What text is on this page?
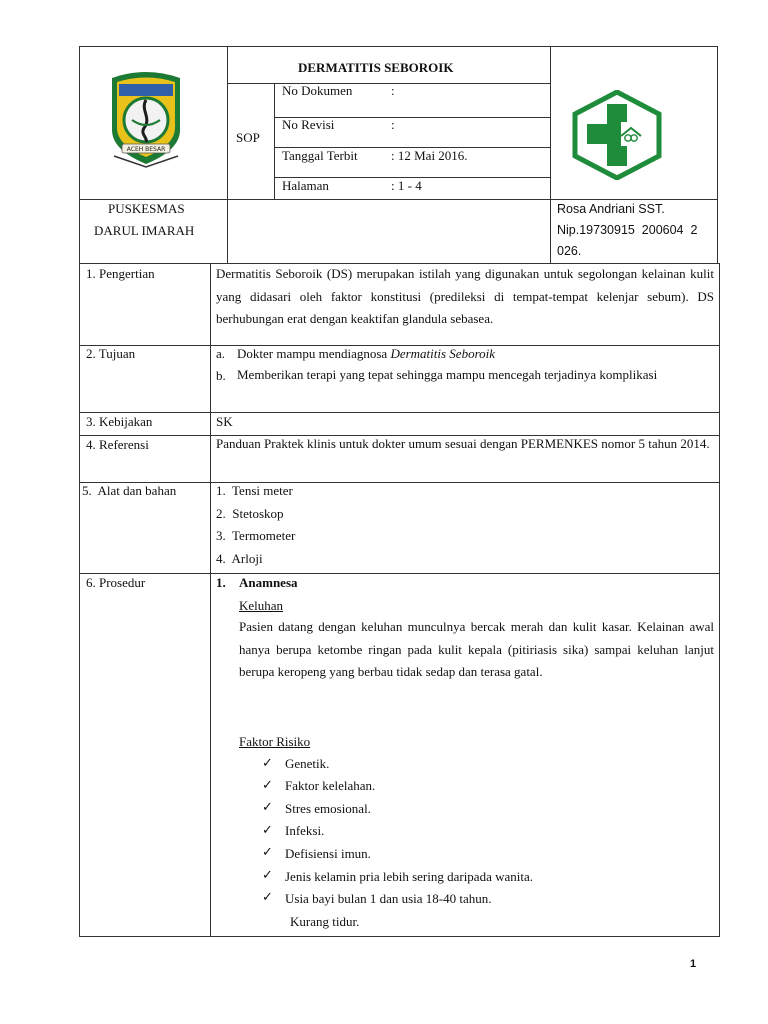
DERMATITIS SEBOROIK
SOP
No Dokumen	:
No Revisi	:
Tanggal Terbit	: 12 Mai 2016.
Halaman	: 1 - 4
PUSKESMAS
DARUL IMARAH
Rosa Andriani SST.
Nip.19730915  200604  2
026.
ACEH BESAR
1. Pengertian	Dermatitis Seboroik (DS) merupakan istilah yang digunakan untuk segolongan kelainan kulit yang didasari oleh faktor konstitusi (predileksi di tempat-tempat kelenjar sebum). DS berhubungan erat dengan keaktifan glandula sebasea.
2. Tujuan	a. Dokter mampu mendiagnosa Dermatitis Seboroik
b. Memberikan terapi yang tepat sehingga mampu mencegah terjadinya komplikasi
3. Kebijakan	SK
4. Referensi	Panduan Praktek klinis untuk dokter umum sesuai dengan PERMENKES nomor 5 tahun 2014.
5.  Alat dan bahan	1.  Tensi meter
2.  Stetoskop
3.  Termometer
4.  Arloji
6. Prosedur	1. Anamnesa
Keluhan
Pasien datang dengan keluhan munculnya bercak merah dan kulit kasar. Kelainan awal hanya berupa ketombe ringan pada kulit kepala (pitiriasis sika) sampai keluhan lanjut berupa keropeng yang berbau tidak sedap dan terasa gatal.
Faktor Risiko
✓ Genetik.
✓ Faktor kelelahan.
✓ Stres emosional.
✓ Infeksi.
✓ Defisiensi imun.
✓ Jenis kelamin pria lebih sering daripada wanita.
✓ Usia bayi bulan 1 dan usia 18-40 tahun.
Kurang tidur.
1
